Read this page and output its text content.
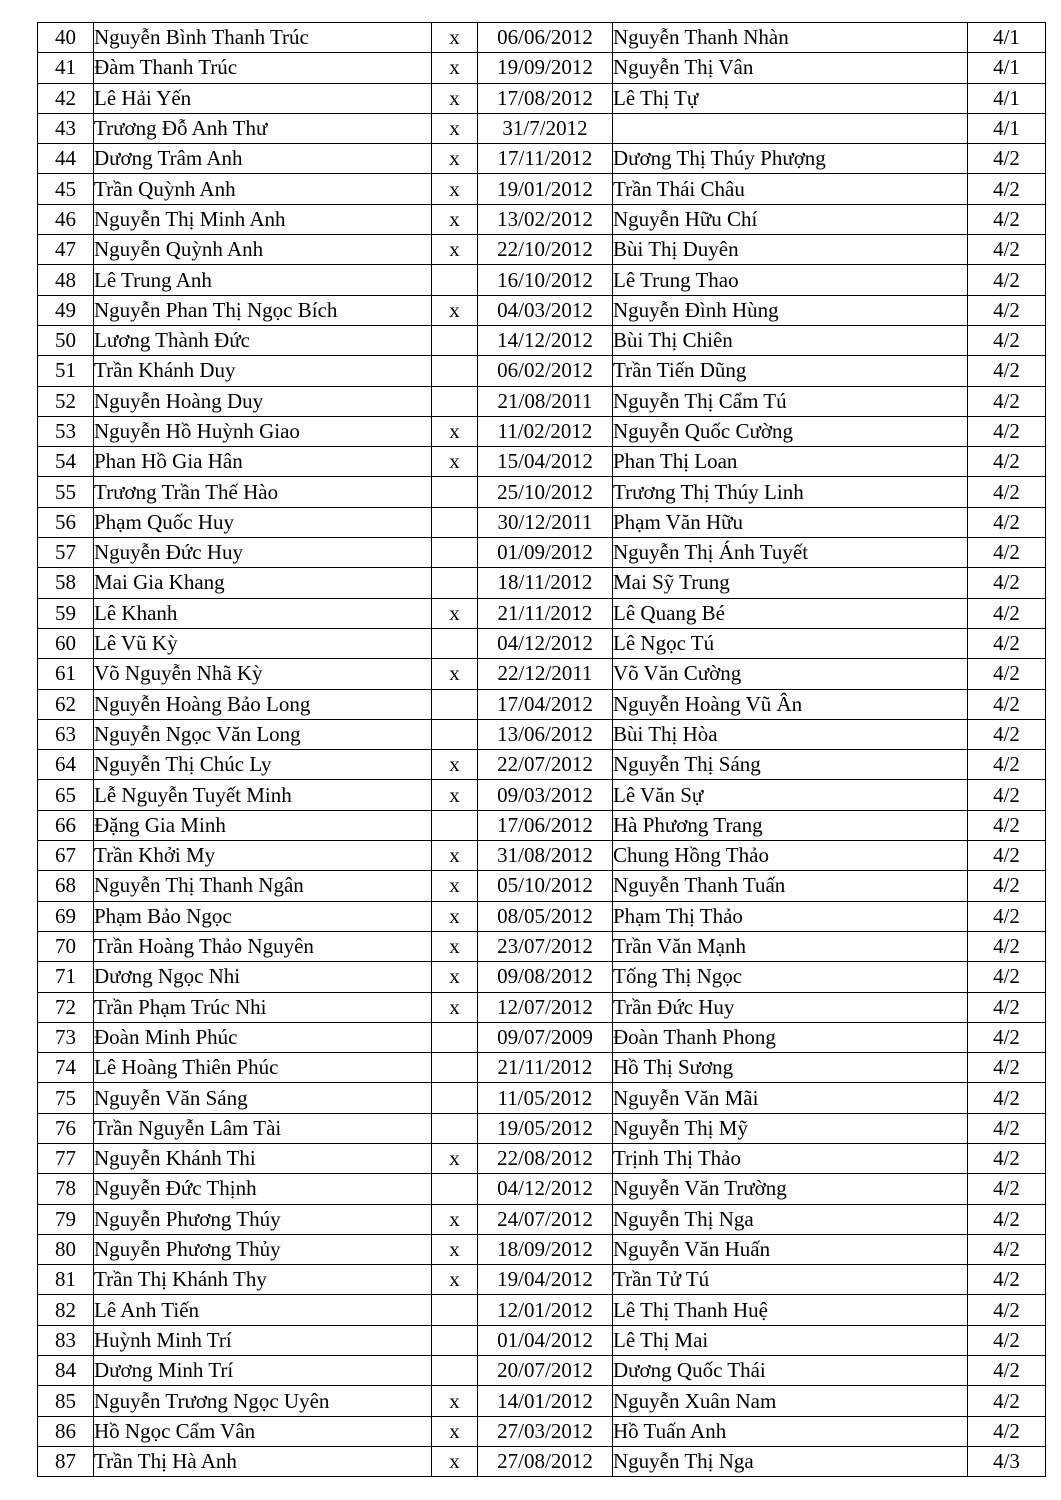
40	Nguyễn Bình Thanh Trúc	x	06/06/2012	Nguyễn Thanh Nhàn	4/1
41	Đàm Thanh Trúc	x	19/09/2012	Nguyễn Thị Vân	4/1
42	Lê Hải Yến	x	17/08/2012	Lê Thị Tự	4/1
43	Trương Đỗ Anh Thư	x	31/7/2012		4/1
44	Dương Trâm Anh	x	17/11/2012	Dương Thị Thúy Phượng	4/2
45	Trần Quỳnh Anh	x	19/01/2012	Trần Thái Châu	4/2
46	Nguyễn Thị Minh Anh	x	13/02/2012	Nguyễn Hữu Chí	4/2
47	Nguyễn Quỳnh Anh	x	22/10/2012	Bùi Thị Duyên	4/2
48	Lê Trung Anh		16/10/2012	Lê Trung Thao	4/2
49	Nguyễn Phan Thị Ngọc Bích	x	04/03/2012	Nguyễn Đình Hùng	4/2
50	Lương Thành Đức		14/12/2012	Bùi Thị Chiên	4/2
51	Trần Khánh Duy		06/02/2012	Trần Tiến Dũng	4/2
52	Nguyễn Hoàng Duy		21/08/2011	Nguyễn Thị Cẩm Tú	4/2
53	Nguyễn Hồ Huỳnh Giao	x	11/02/2012	Nguyễn Quốc Cường	4/2
54	Phan Hồ Gia Hân	x	15/04/2012	Phan Thị Loan	4/2
55	Trương Trần Thế Hào		25/10/2012	Trương Thị Thúy Linh	4/2
56	Phạm Quốc Huy		30/12/2011	Phạm Văn Hữu	4/2
57	Nguyễn Đức Huy		01/09/2012	Nguyễn Thị Ánh Tuyết	4/2
58	Mai Gia Khang		18/11/2012	Mai Sỹ Trung	4/2
59	Lê Khanh	x	21/11/2012	Lê Quang Bé	4/2
60	Lê Vũ Kỳ		04/12/2012	Lê Ngọc Tú	4/2
61	Võ Nguyễn Nhã Kỳ	x	22/12/2011	Võ Văn Cường	4/2
62	Nguyễn Hoàng Bảo Long		17/04/2012	Nguyễn Hoàng Vũ Ân	4/2
63	Nguyễn Ngọc Văn Long		13/06/2012	Bùi Thị Hòa	4/2
64	Nguyễn Thị Chúc Ly	x	22/07/2012	Nguyễn Thị Sáng	4/2
65	Lễ Nguyễn Tuyết Minh	x	09/03/2012	Lê Văn Sự	4/2
66	Đặng Gia Minh		17/06/2012	Hà Phương Trang	4/2
67	Trần Khởi My	x	31/08/2012	Chung Hồng Thảo	4/2
68	Nguyễn Thị Thanh Ngân	x	05/10/2012	Nguyễn Thanh Tuấn	4/2
69	Phạm Bảo Ngọc	x	08/05/2012	Phạm Thị Thảo	4/2
70	Trần Hoàng Thảo Nguyên	x	23/07/2012	Trần Văn Mạnh	4/2
71	Dương Ngọc Nhi	x	09/08/2012	Tống Thị Ngọc	4/2
72	Trần Phạm Trúc Nhi	x	12/07/2012	Trần Đức Huy	4/2
73	Đoàn Minh Phúc		09/07/2009	Đoàn Thanh Phong	4/2
74	Lê Hoàng Thiên Phúc		21/11/2012	Hồ Thị Sương	4/2
75	Nguyễn Văn Sáng		11/05/2012	Nguyễn Văn Mãi	4/2
76	Trần Nguyễn Lâm Tài		19/05/2012	Nguyễn Thị Mỹ	4/2
77	Nguyễn Khánh Thi	x	22/08/2012	Trịnh Thị Thảo	4/2
78	Nguyễn Đức Thịnh		04/12/2012	Nguyễn Văn Trường	4/2
79	Nguyễn Phương Thúy	x	24/07/2012	Nguyễn Thị Nga	4/2
80	Nguyễn Phương Thủy	x	18/09/2012	Nguyễn Văn Huấn	4/2
81	Trần Thị Khánh Thy	x	19/04/2012	Trần Tử Tú	4/2
82	Lê Anh Tiến		12/01/2012	Lê Thị Thanh Huệ	4/2
83	Huỳnh Minh Trí		01/04/2012	Lê Thị Mai	4/2
84	Dương Minh Trí		20/07/2012	Dương Quốc Thái	4/2
85	Nguyễn Trương Ngọc Uyên	x	14/01/2012	Nguyễn Xuân Nam	4/2
86	Hồ Ngọc Cẩm Vân	x	27/03/2012	Hồ Tuấn Anh	4/2
87	Trần Thị Hà Anh	x	27/08/2012	Nguyễn Thị Nga	4/3
